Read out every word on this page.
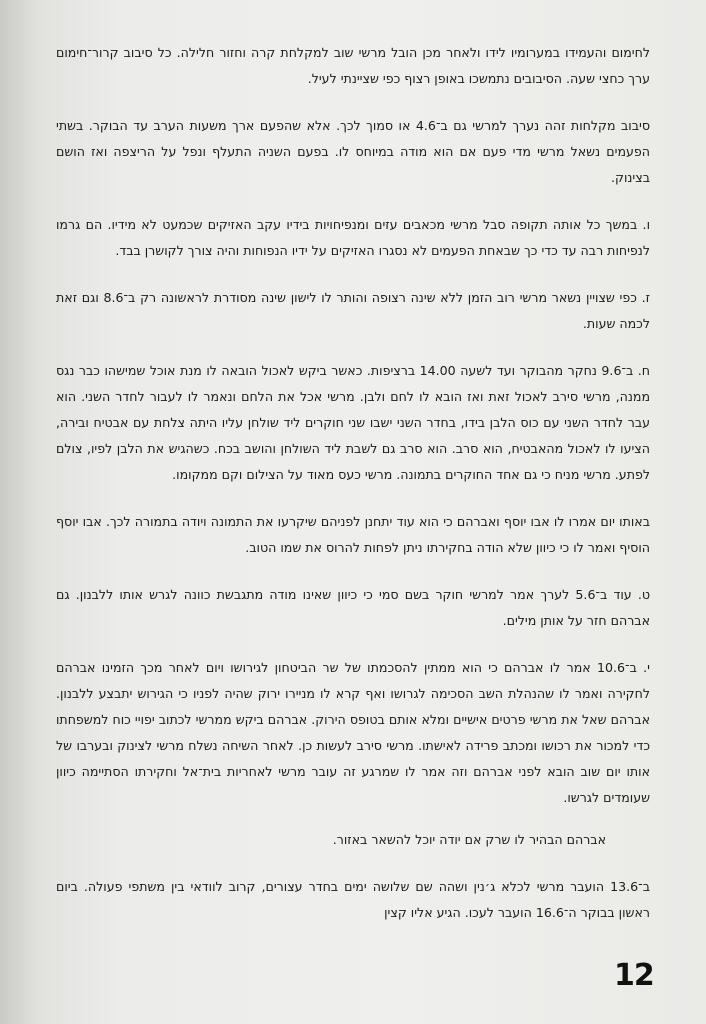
לחימום והעמידו במערומיו לידו ולאחר מכן הובל מרשי שוב למקלחת קרה וחזור חלילה. כל סיבוב קרור־חימום ערך כחצי שעה. הסיבובים נתמשכו באופן רצוף כפי שציינתי לעיל.

סיבוב מקלחות זהה נערך למרשי גם ב־4.6 או סמוך לכך. אלא שהפעם ארך משעות הערב עד הבוקר. בשתי הפעמים נשאל מרשי מדי פעם אם הוא מודה במיוחס לו. בפעם השניה התעלף ונפל על הריצפה ואז הושם בצינוק.

ו. במשך כל אותה תקופה סבל מרשי מכאבים עזים ומנפיחויות בידיו עקב האזיקים שכמעט לא מידיו. הם גרמו לנפיחות רבה עד כדי כך שבאחת הפעמים לא נסגרו האזיקים על ידיו הנפוחות והיה צורך לקושרן בבד.

ז. כפי שצויין נשאר מרשי רוב הזמן ללא שינה רצופה והותר לו לישון שינה מסודרת לראשונה רק ב־8.6 וגם זאת לכמה שעות.

ח. ב־9.6 נחקר מהבוקר ועד לשעה 14.00 ברציפות. כאשר ביקש לאכול הובאה לו מנת אוכל שמישהו כבר נגס ממנה, מרשי סירב לאכול זאת ואז הובא לו לחם ולבן. מרשי אכל את הלחם ונאמר לו לעבור לחדר השני. הוא עבר לחדר השני עם כוס הלבן בידו, בחדר השני ישבו שני חוקרים ליד שולחן עליו היתה צלחת עם אבטיח ובירה, הציעו לו לאכול מהאבטיח, הוא סרב. הוא סרב גם לשבת ליד השולחן והושב בכח. כשהגיש את הלבן לפיו, צולם לפתע. מרשי מניח כי גם אחד החוקרים בתמונה. מרשי כעס מאוד על הצילום וקם ממקומו.

באותו יום אמרו לו אבו יוסף ואברהם כי הוא עוד יתחנן לפניהם שיקרעו את התמונה ויודה בתמורה לכך. אבו יוסף הוסיף ואמר לו כי כיוון שלא הודה בחקירתו ניתן לפחות להרוס את שמו הטוב.

ט. עוד ב־5.6 לערך אמר למרשי חוקר בשם סמי כי כיוון שאינו מודה מתגבשת כוונה לגרש אותו ללבנון. גם אברהם חזר על אותן מילים.

י. ב־10.6 אמר לו אברהם כי הוא ממתין להסכמתו של שר הביטחון לגירושו ויום לאחר מכך הזמינו אברהם לחקירה ואמר לו שהנהלת השב הסכימה לגרושו ואף קרא לו מניירו ירוק שהיה לפניו כי הגירוש יתבצע ללבנון. אברהם שאל את מרשי פרטים אישיים ומלא אותם בטופס הירוק. אברהם ביקש ממרשי לכתוב יפויי כוח למשפחתו כדי למכור את רכושו ומכתב פרידה לאישתו. מרשי סירב לעשות כן. לאחר השיחה נשלח מרשי לצינוק ובערבו של אותו יום שוב הובא לפני אברהם וזה אמר לו שמרגע זה עובר מרשי לאחריות בית־אל וחקירתו הסתיימה כיוון שעומדים לגרשו.

אברהם הבהיר לו שרק אם יודה יוכל להשאר באזור.

ב־13.6 הועבר מרשי לכלא ג׳נין ושהה שם שלושה ימים בחדר עצורים, קרוב לוודאי בין משתפי פעולה. ביום ראשון בבוקר ה־16.6 הועבר לעכו. הגיע אליו קצין

12
